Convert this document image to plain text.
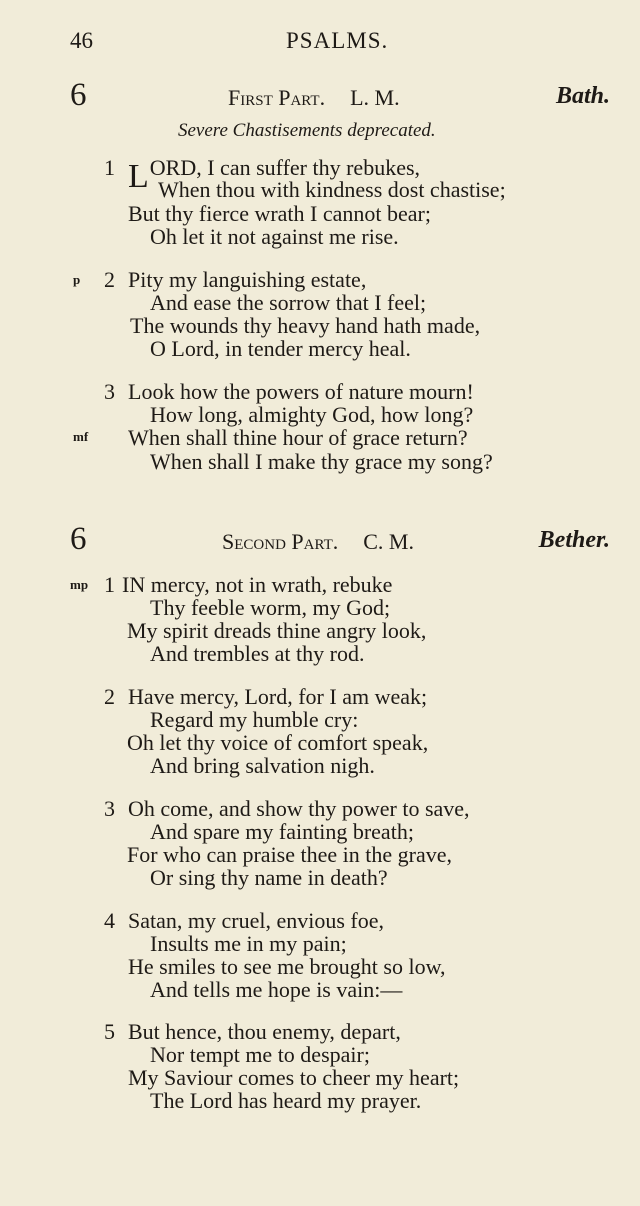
46	PSALMS.
6	First Part. L. M.	Bath.
Severe Chastisements deprecated.
1 LORD, I can suffer thy rebukes,
When thou with kindness dost chastise;
But thy fierce wrath I cannot bear;
Oh let it not against me rise.
p 2 Pity my languishing estate,
And ease the sorrow that I feel;
The wounds thy heavy hand hath made,
O Lord, in tender mercy heal.
3 Look how the powers of nature mourn!
How long, almighty God, how long?
mf When shall thine hour of grace return?
When shall I make thy grace my song?
6	Second Part. C. M.	Bether.
mp 1 IN mercy, not in wrath, rebuke
Thy feeble worm, my God;
My spirit dreads thine angry look,
And trembles at thy rod.
2 Have mercy, Lord, for I am weak;
Regard my humble cry:
Oh let thy voice of comfort speak,
And bring salvation nigh.
3 Oh come, and show thy power to save,
And spare my fainting breath;
For who can praise thee in the grave,
Or sing thy name in death?
4 Satan, my cruel, envious foe,
Insults me in my pain;
He smiles to see me brought so low,
And tells me hope is vain:—
5 But hence, thou enemy, depart,
Nor tempt me to despair;
My Saviour comes to cheer my heart;
The Lord has heard my prayer.
